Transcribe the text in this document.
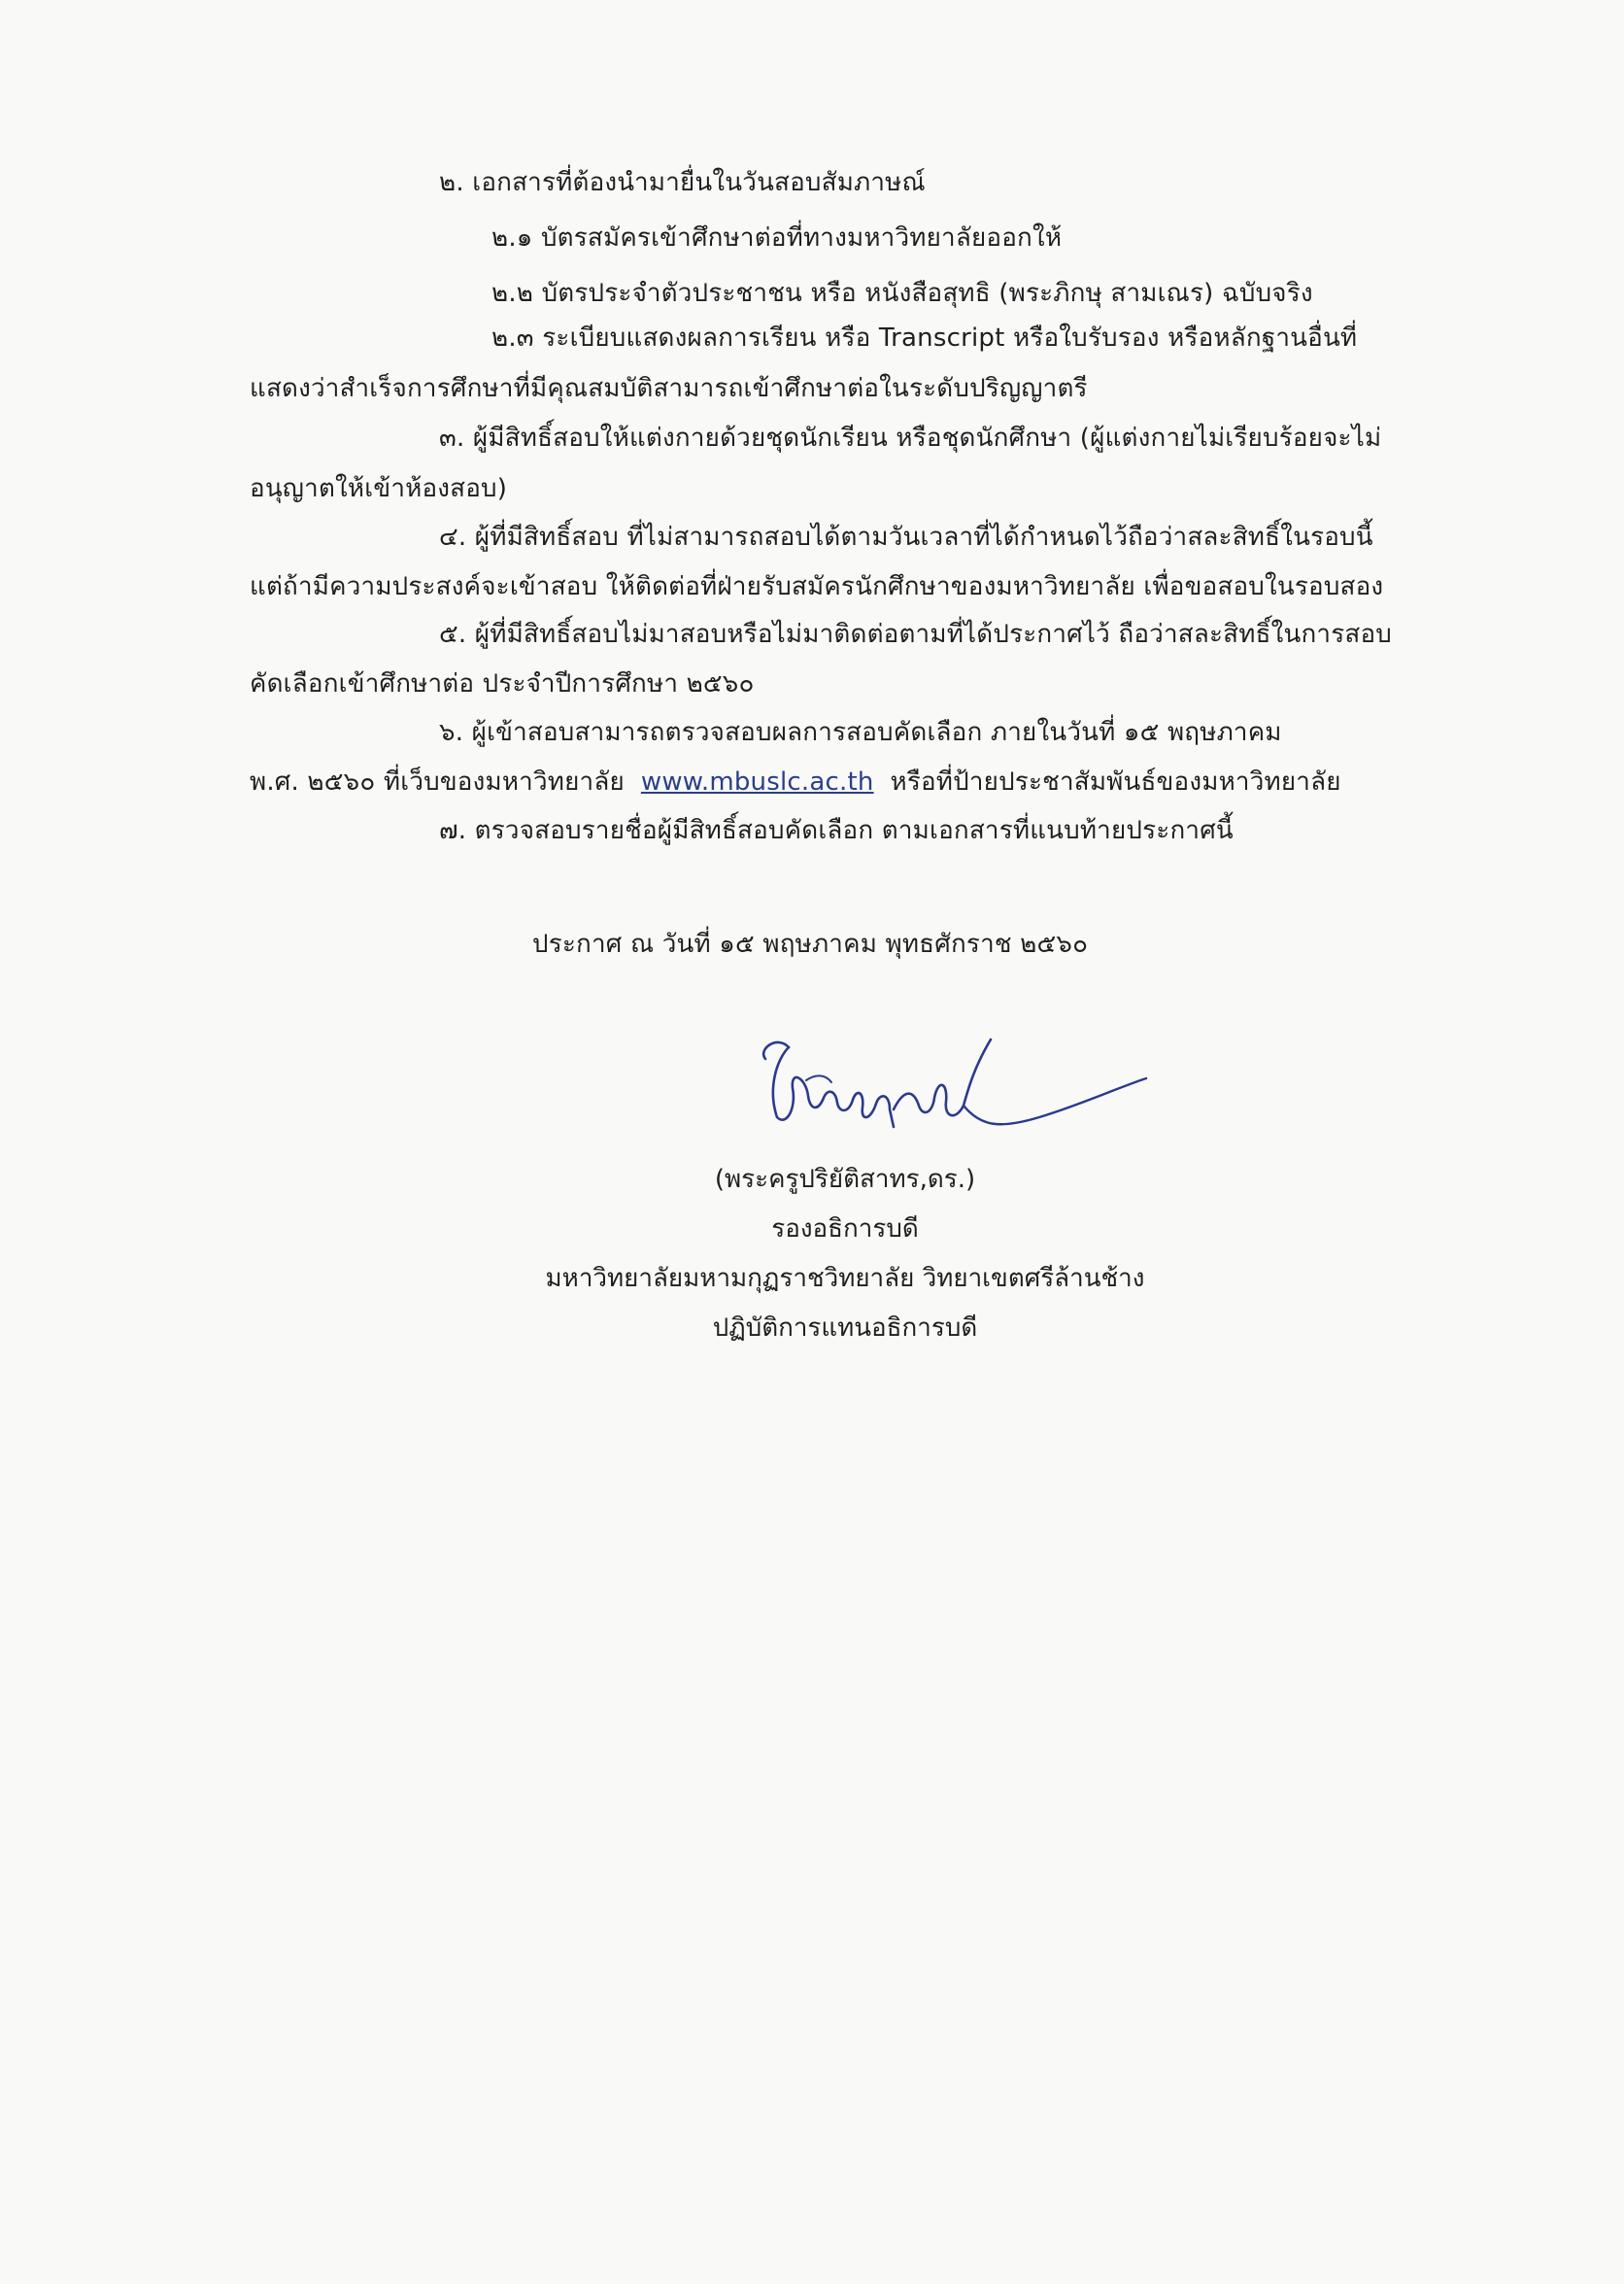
๒. เอกสารที่ต้องนำมายื่นในวันสอบสัมภาษณ์
๒.๑ บัตรสมัครเข้าศึกษาต่อที่ทางมหาวิทยาลัยออกให้
๒.๒ บัตรประจำตัวประชาชน หรือ หนังสือสุทธิ (พระภิกษุ สามเณร) ฉบับจริง
๒.๓ ระเบียบแสดงผลการเรียน หรือ Transcript หรือใบรับรอง หรือหลักฐานอื่นที่
แสดงว่าสำเร็จการศึกษาที่มีคุณสมบัติสามารถเข้าศึกษาต่อในระดับปริญญาตรี
๓. ผู้มีสิทธิ์สอบให้แต่งกายด้วยชุดนักเรียน หรือชุดนักศึกษา (ผู้แต่งกายไม่เรียบร้อยจะไม่
อนุญาตให้เข้าห้องสอบ)
๔. ผู้ที่มีสิทธิ์สอบ ที่ไม่สามารถสอบได้ตามวันเวลาที่ได้กำหนดไว้ถือว่าสละสิทธิ์ในรอบนี้
แต่ถ้ามีความประสงค์จะเข้าสอบ ให้ติดต่อที่ฝ่ายรับสมัครนักศึกษาของมหาวิทยาลัย เพื่อขอสอบในรอบสอง
๕. ผู้ที่มีสิทธิ์สอบไม่มาสอบหรือไม่มาติดต่อตามที่ได้ประกาศไว้ ถือว่าสละสิทธิ์ในการสอบ
คัดเลือกเข้าศึกษาต่อ ประจำปีการศึกษา ๒๕๖๐
๖. ผู้เข้าสอบสามารถตรวจสอบผลการสอบคัดเลือก ภายในวันที่ ๑๕ พฤษภาคม
พ.ศ. ๒๕๖๐ ที่เว็บของมหาวิทยาลัย www.mbuslc.ac.th หรือที่ป้ายประชาสัมพันธ์ของมหาวิทยาลัย
๗. ตรวจสอบรายชื่อผู้มีสิทธิ์สอบคัดเลือก ตามเอกสารที่แนบท้ายประกาศนี้
ประกาศ ณ วันที่ ๑๕ พฤษภาคม พุทธศักราช ๒๕๖๐
(พระครูปริยัติสาทร,ดร.)
รองอธิการบดี
มหาวิทยาลัยมหามกุฏราชวิทยาลัย วิทยาเขตศรีล้านช้าง
ปฏิบัติการแทนอธิการบดี
